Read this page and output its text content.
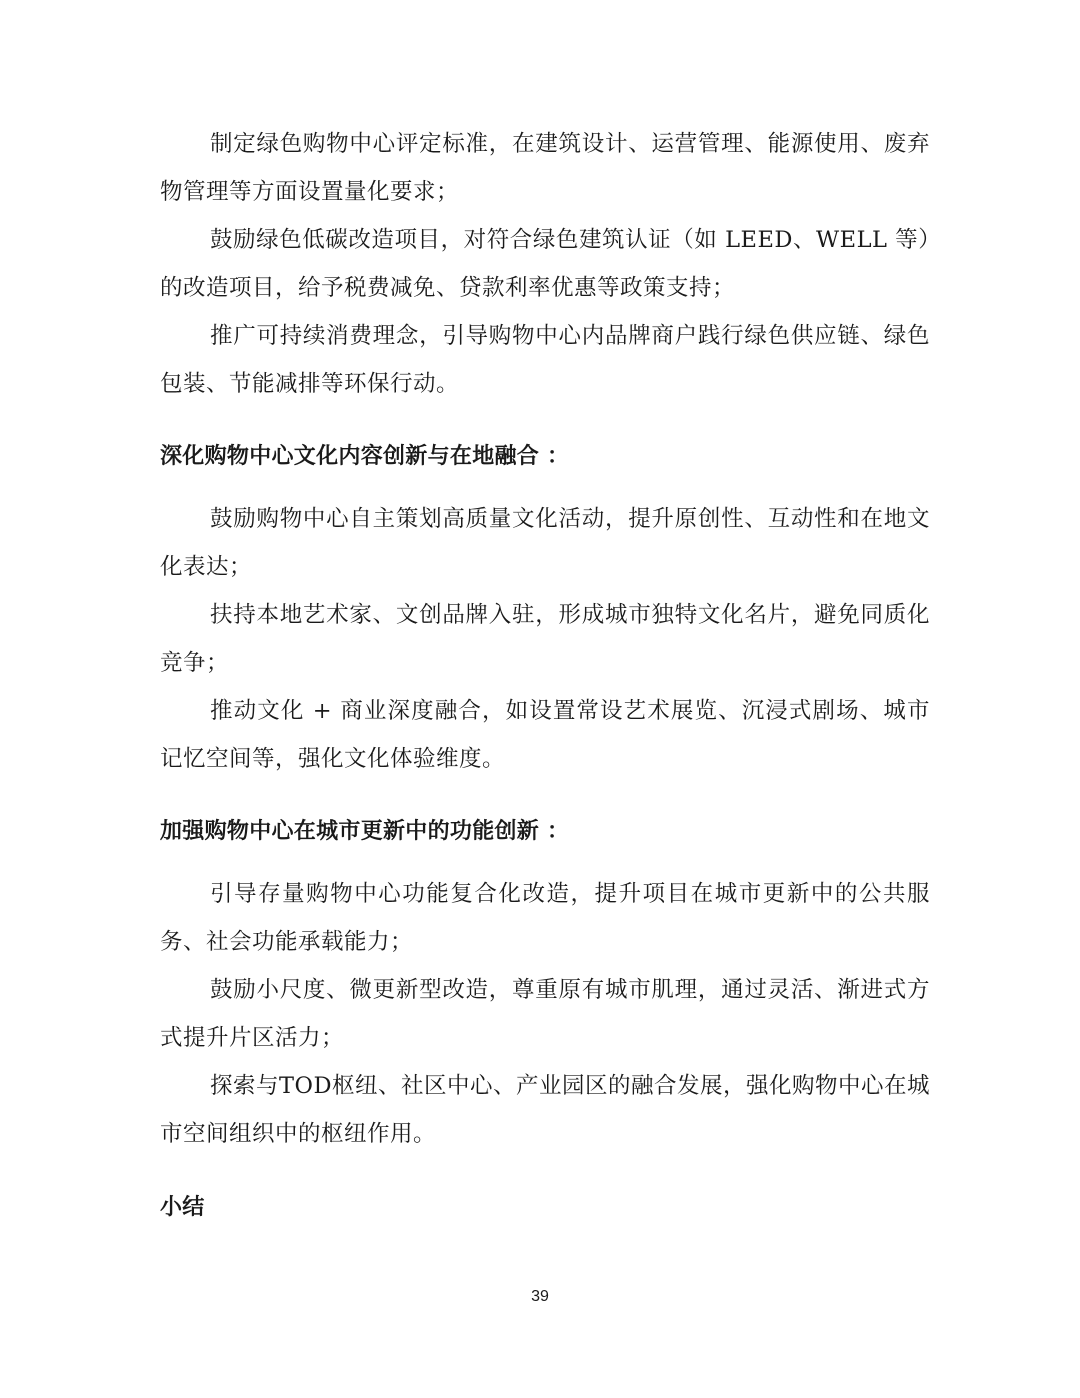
制定绿色购物中心评定标准，在建筑设计、运营管理、能源使用、废弃物管理等方面设置量化要求；

鼓励绿色低碳改造项目，对符合绿色建筑认证（如 LEED、WELL 等）的改造项目，给予税费减免、贷款利率优惠等政策支持；

推广可持续消费理念，引导购物中心内品牌商户践行绿色供应链、绿色包装、节能减排等环保行动。

深化购物中心文化内容创新与在地融合 ：

鼓励购物中心自主策划高质量文化活动，提升原创性、互动性和在地文化表达；

扶持本地艺术家、文创品牌入驻，形成城市独特文化名片，避免同质化竞争；

推动文化 + 商业深度融合，如设置常设艺术展览、沉浸式剧场、城市记忆空间等，强化文化体验维度。

加强购物中心在城市更新中的功能创新 ：

引导存量购物中心功能复合化改造，提升项目在城市更新中的公共服务、社会功能承载能力；

鼓励小尺度、微更新型改造，尊重原有城市肌理，通过灵活、渐进式方式提升片区活力；

探索与TOD枢纽、社区中心、产业园区的融合发展，强化购物中心在城市空间组织中的枢纽作用。

小结
39
